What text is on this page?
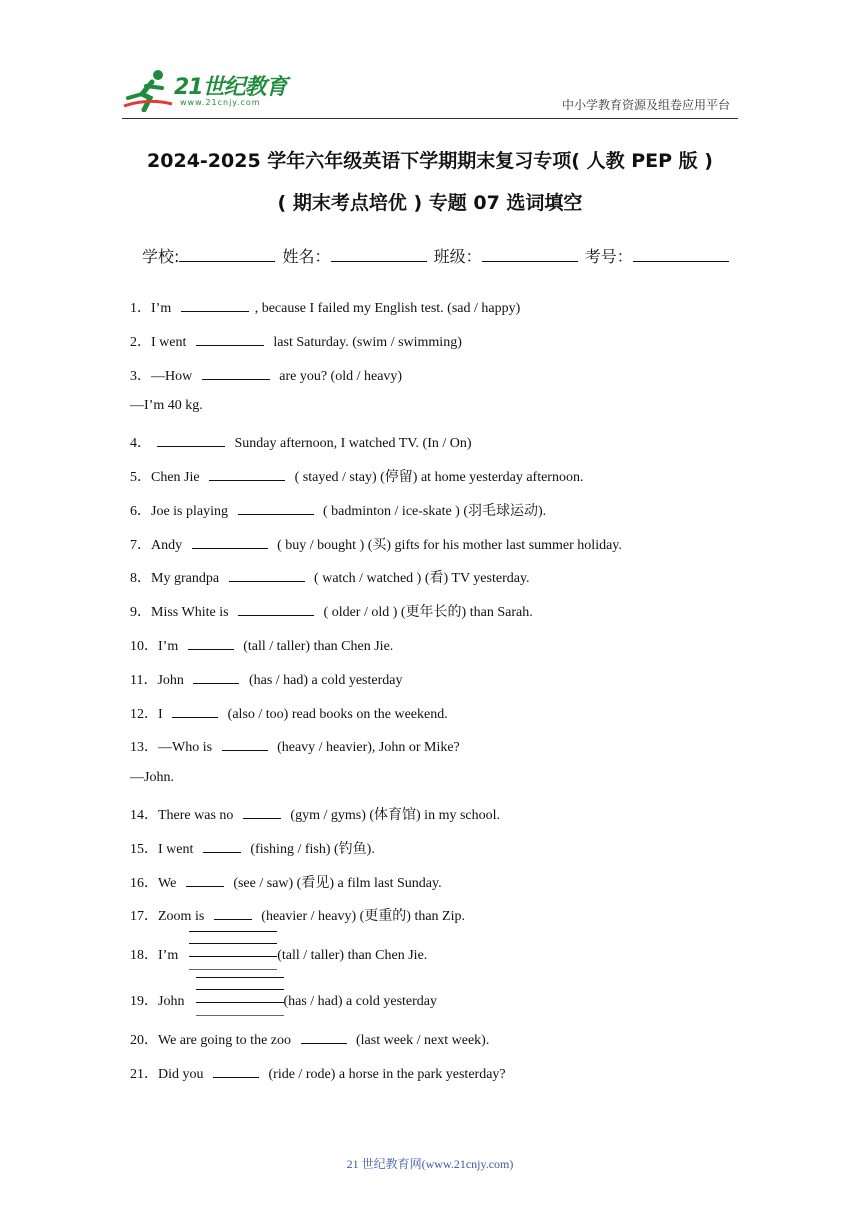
21世纪教育
www.21cnjy.com	中小学教育资源及组卷应用平台
2024-2025 学年六年级英语下学期期末复习专项( 人教 PEP 版 )
( 期末考点培优 ) 专题 07 选词填空
学校:	姓名：	班级：	考号：
1．I’m	, because I failed my English test. (sad / happy)
2．I went	last Saturday. (swim / swimming)
3．—How	are you? (old / heavy)
—I’m 40 kg.
4．	Sunday afternoon, I watched TV. (In / On)
5．Chen Jie	( stayed / stay) (停留) at home yesterday afternoon.
6．Joe is playing	( badminton / ice-skate ) (羽毛球运动).
7．Andy	( buy / bought ) (买) gifts for his mother last summer holiday.
8．My grandpa	( watch / watched ) (看) TV yesterday.
9．Miss White is	( older / old ) (更年长的) than Sarah.
10．I’m	(tall / taller) than Chen Jie.
11．John	(has / had) a cold yesterday
12．I	(also / too) read books on the weekend.
13．—Who is	(heavy / heavier), John or Mike?
—John.
14．There was no	(gym / gyms) (体育馆) in my school.
15．I went	(fishing / fish) (钓鱼).
16．We	(see / saw) (看见) a film last Sunday.
17．Zoom is	(heavier / heavy) (更重的) than Zip.
18．I’m	(tall / taller) than Chen Jie.
19．John	(has / had) a cold yesterday
20．We are going to the zoo	(last week / next week).
21．Did you	(ride / rode) a horse in the park yesterday?
21 世纪教育网(www.21cnjy.com)
